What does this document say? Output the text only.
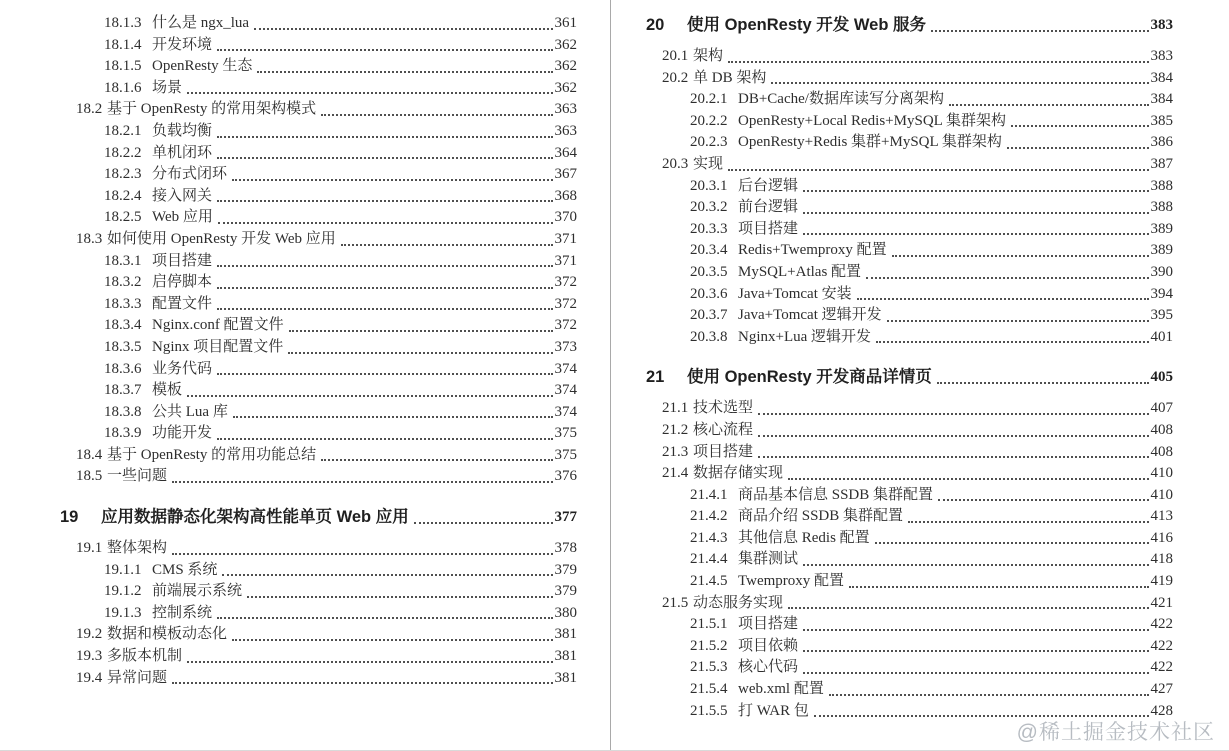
18.1.3 什么是 ngx_lua	361
18.1.4 开发环境	362
18.1.5 OpenResty 生态	362
18.1.6 场景	362
18.2 基于 OpenResty 的常用架构模式	363
18.2.1 负载均衡	363
18.2.2 单机闭环	364
18.2.3 分布式闭环	367
18.2.4 接入网关	368
18.2.5 Web 应用	370
18.3 如何使用 OpenResty 开发 Web 应用	371
18.3.1 项目搭建	371
18.3.2 启停脚本	372
18.3.3 配置文件	372
18.3.4 Nginx.conf 配置文件	372
18.3.5 Nginx 项目配置文件	373
18.3.6 业务代码	374
18.3.7 模板	374
18.3.8 公共 Lua 库	374
18.3.9 功能开发	375
18.4 基于 OpenResty 的常用功能总结	375
18.5 一些问题	376
19	应用数据静态化架构高性能单页 Web 应用	377
19.1 整体架构	378
19.1.1 CMS 系统	379
19.1.2 前端展示系统	379
19.1.3 控制系统	380
19.2 数据和模板动态化	381
19.3 多版本机制	381
19.4 异常问题	381
20	使用 OpenResty 开发 Web 服务	383
20.1 架构	383
20.2 单 DB 架构	384
20.2.1 DB+Cache/数据库读写分离架构	384
20.2.2 OpenResty+Local Redis+MySQL 集群架构	385
20.2.3 OpenResty+Redis 集群+MySQL 集群架构	386
20.3 实现	387
20.3.1 后台逻辑	388
20.3.2 前台逻辑	388
20.3.3 项目搭建	389
20.3.4 Redis+Twemproxy 配置	389
20.3.5 MySQL+Atlas 配置	390
20.3.6 Java+Tomcat 安装	394
20.3.7 Java+Tomcat 逻辑开发	395
20.3.8 Nginx+Lua 逻辑开发	401
21	使用 OpenResty 开发商品详情页	405
21.1 技术选型	407
21.2 核心流程	408
21.3 项目搭建	408
21.4 数据存储实现	410
21.4.1 商品基本信息 SSDB 集群配置	410
21.4.2 商品介绍 SSDB 集群配置	413
21.4.3 其他信息 Redis 配置	416
21.4.4 集群测试	418
21.4.5 Twemproxy 配置	419
21.5 动态服务实现	421
21.5.1 项目搭建	422
21.5.2 项目依赖	422
21.5.3 核心代码	422
21.5.4 web.xml 配置	427
21.5.5 打 WAR 包	428
@稀土掘金技术社区
